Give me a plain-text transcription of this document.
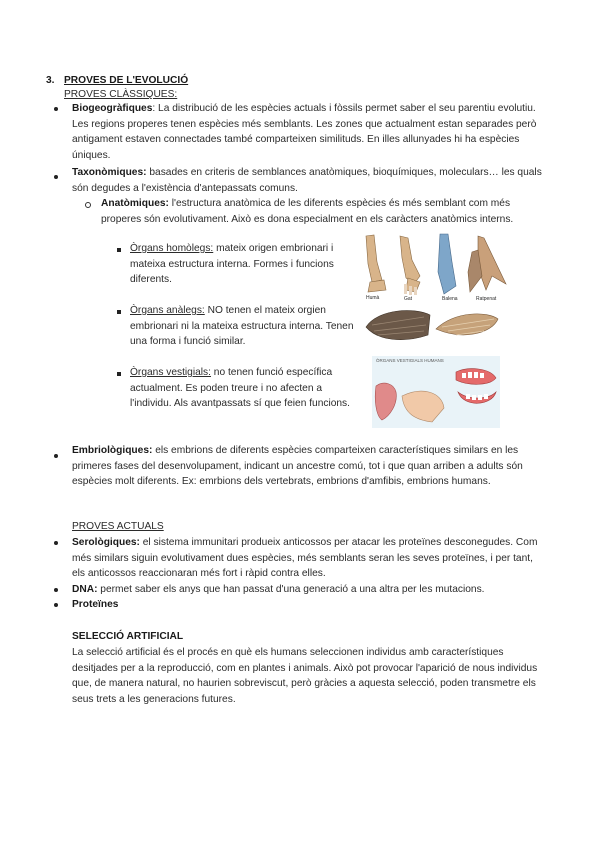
3. PROVES DE L'EVOLUCIÓ
PROVES CLÀSSIQUES:
Biogeogràfiques: La distribució de les espècies actuals i fòssils permet saber el seu parentiu evolutiu. Les regions properes tenen espècies més semblants. Les zones que actualment estan separades però antigament estaven connectades també comparteixen similituds. En illes allunyades hi ha espècies úniques.
Taxonòmiques: basades en criteris de semblances anatòmiques, bioquímiques, moleculars… les quals són degudes a l'existència d'antepassats comuns.
Anatòmiques: l'estructura anatòmica de les diferents espècies és més semblant com més properes són evolutivament. Això es dona especialment en els caràcters anatòmics interns.
Òrgans homòlegs: mateix origen embrionari i mateixa estructura interna. Formes i funcions diferents.
Òrgans anàlegs: NO tenen el mateix orgien embrionari ni la mateixa estructura interna. Tenen una forma i funció similar.
Òrgans vestigials: no tenen funció específica actualment. Es poden treure i no afecten a l'individu. Als avantpassats sí que feien funcions.
Humà	Gat	Balena	Ratpenat
ÒRGANS VESTIGIALS HUMANS
Embriològiques: els embrions de diferents espècies comparteixen característiques similars en les primeres fases del desenvolupament, indicant un ancestre comú, tot i que quan arriben a adults són espècies molt diferents. Ex: emrbions dels vertebrats, embrions d'amfibis, embrions humans.
PROVES ACTUALS
Serològiques: el sistema immunitari produeix anticossos per atacar les proteïnes desconegudes. Com més similars siguin evolutivament dues espècies, més semblants seran les seves proteïnes, i per tant, els anticossos reaccionaran més fort i ràpid contra elles.
DNA: permet saber els anys que han passat d'una generació a una altra per les mutacions.
Proteïnes
SELECCIÓ ARTIFICIAL
La selecció artificial és el procés en què els humans seleccionen individus amb característiques desitjades per a la reproducció, com en plantes i animals. Això pot provocar l'aparició de nous individus que, de manera natural, no haurien sobreviscut, però gràcies a aquesta selecció, poden transmetre els seus trets a les generacions futures.
